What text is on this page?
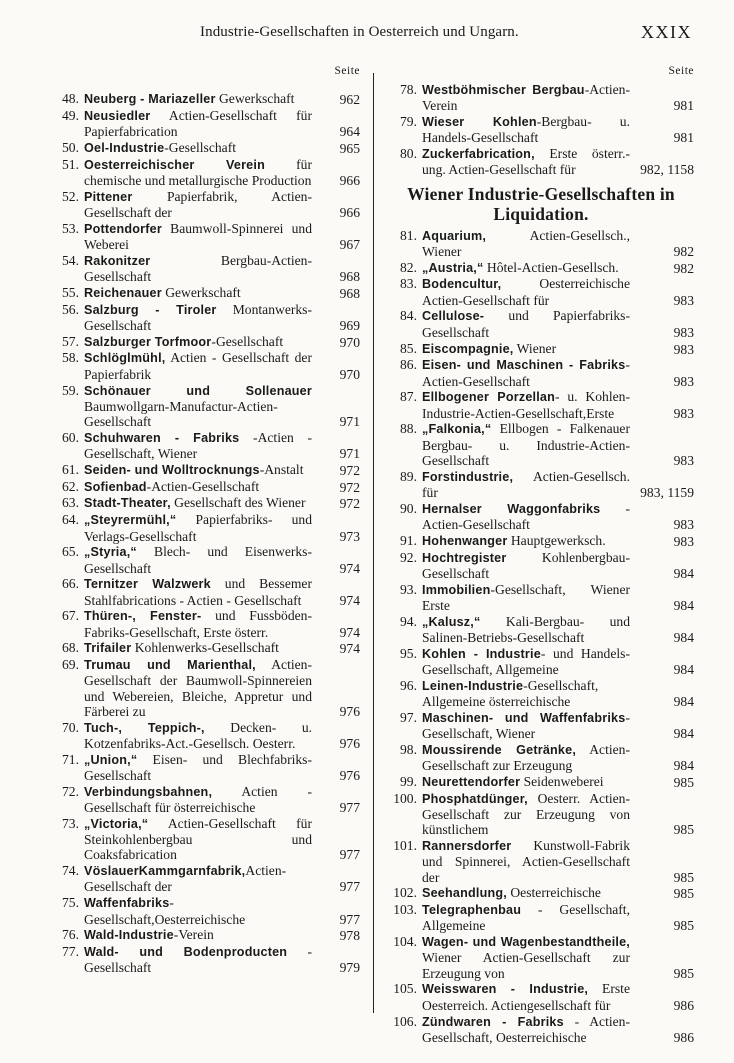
Industrie-Gesellschaften in Oesterreich und Ungarn.	XXIX
Seite
48. Neuberg - Mariazeller Gewerkschaft	962
49. Neusiedler Actien-Gesellschaft für Papierfabrication	964
50. Oel-Industrie-Gesellschaft	965
51. Oesterreichischer Verein für chemische und metallurgische Production	966
52. Pittener Papierfabrik, Actien-Gesellschaft der	966
53. Pottendorfer Baumwoll-Spinnerei und Weberei	967
54. Rakonitzer Bergbau-Actien-Gesellschaft	968
55. Reichenauer Gewerkschaft	968
56. Salzburg - Tiroler Montanwerks-Gesellschaft	969
57. Salzburger Torfmoor-Gesellschaft	970
58. Schlöglmühl, Actien - Gesellschaft der Papierfabrik	970
59. Schönauer und Sollenauer Baumwollgarn-Manufactur-Actien-Gesellschaft	971
60. Schuhwaren - Fabriks -Actien -Gesellschaft, Wiener	971
61. Seiden- und Wolltrocknungs-Anstalt	972
62. Sofienbad-Actien-Gesellschaft	972
63. Stadt-Theater, Gesellschaft des Wiener	972
64. „Steyrermühl,“ Papierfabriks- und Verlags-Gesellschaft	973
65. „Styria,“ Blech- und Eisenwerks-Gesellschaft	974
66. Ternitzer Walzwerk und Bessemer Stahlfabrications - Actien - Gesellschaft	974
67. Thüren-, Fenster- und Fussböden-Fabriks-Gesellschaft, Erste österr.	974
68. Trifailer Kohlenwerks-Gesellschaft	974
69. Trumau und Marienthal, Actien-Gesellschaft der Baumwoll-Spinnereien und Webereien, Bleiche, Appretur und Färberei zu	976
70. Tuch-, Teppich-, Decken- u. Kotzenfabriks-Act.-Gesellsch. Oesterr.	976
71. „Union,“ Eisen- und Blechfabriks-Gesellschaft	976
72. Verbindungsbahnen, Actien - Gesellschaft für österreichische	977
73. „Victoria,“ Actien-Gesellschaft für Steinkohlenbergbau und Coaksfabrication	977
74. VöslauerKammgarnfabrik,Actien-Gesellschaft der	977
75. Waffenfabriks-Gesellschaft,Oesterreichische	977
76. Wald-Industrie-Verein	978
77. Wald- und Bodenproducten - Gesellschaft	979
Seite
78. Westböhmischer Bergbau-Actien-Verein	981
79. Wieser Kohlen-Bergbau- u. Handels-Gesellschaft	981
80. Zuckerfabrication, Erste österr.-ung. Actien-Gesellschaft für	982, 1158
Wiener Industrie-Gesellschaften in Liquidation.
81. Aquarium, Actien-Gesellsch., Wiener	982
82. „Austria,“ Hôtel-Actien-Gesellsch.	982
83. Bodencultur, Oesterreichische Actien-Gesellschaft für	983
84. Cellulose- und Papierfabriks-Gesellschaft	983
85. Eiscompagnie, Wiener	983
86. Eisen- und Maschinen - Fabriks-Actien-Gesellschaft	983
87. Ellbogener Porzellan- u. Kohlen-Industrie-Actien-Gesellschaft,Erste	983
88. „Falkonia,“ Ellbogen - Falkenauer Bergbau- u. Industrie-Actien-Gesellschaft	983
89. Forstindustrie, Actien-Gesellsch. für	983, 1159
90. Hernalser Waggonfabriks - Actien-Gesellschaft	983
91. Hohenwanger Hauptgewerksch.	983
92. Hochtregister Kohlenbergbau-Gesellschaft	984
93. Immobilien-Gesellschaft, Wiener Erste	984
94. „Kalusz,“ Kali-Bergbau- und Salinen-Betriebs-Gesellschaft	984
95. Kohlen - Industrie- und Handels-Gesellschaft, Allgemeine	984
96. Leinen-Industrie-Gesellschaft, Allgemeine österreichische	984
97. Maschinen- und Waffenfabriks-Gesellschaft, Wiener	984
98. Moussirende Getränke, Actien-Gesellschaft zur Erzeugung	984
99. Neurettendorfer Seidenweberei	985
100. Phosphatdünger, Oesterr. Actien-Gesellschaft zur Erzeugung von künstlichem	985
101. Rannersdorfer Kunstwoll-Fabrik und Spinnerei, Actien-Gesellschaft der	985
102. Seehandlung, Oesterreichische	985
103. Telegraphenbau - Gesellschaft, Allgemeine	985
104. Wagen- und Wagenbestandtheile, Wiener Actien-Gesellschaft zur Erzeugung von	985
105. Weisswaren - Industrie, Erste Oesterreich. Actiengesellschaft für	986
106. Zündwaren - Fabriks - Actien-Gesellschaft, Oesterreichische	986
